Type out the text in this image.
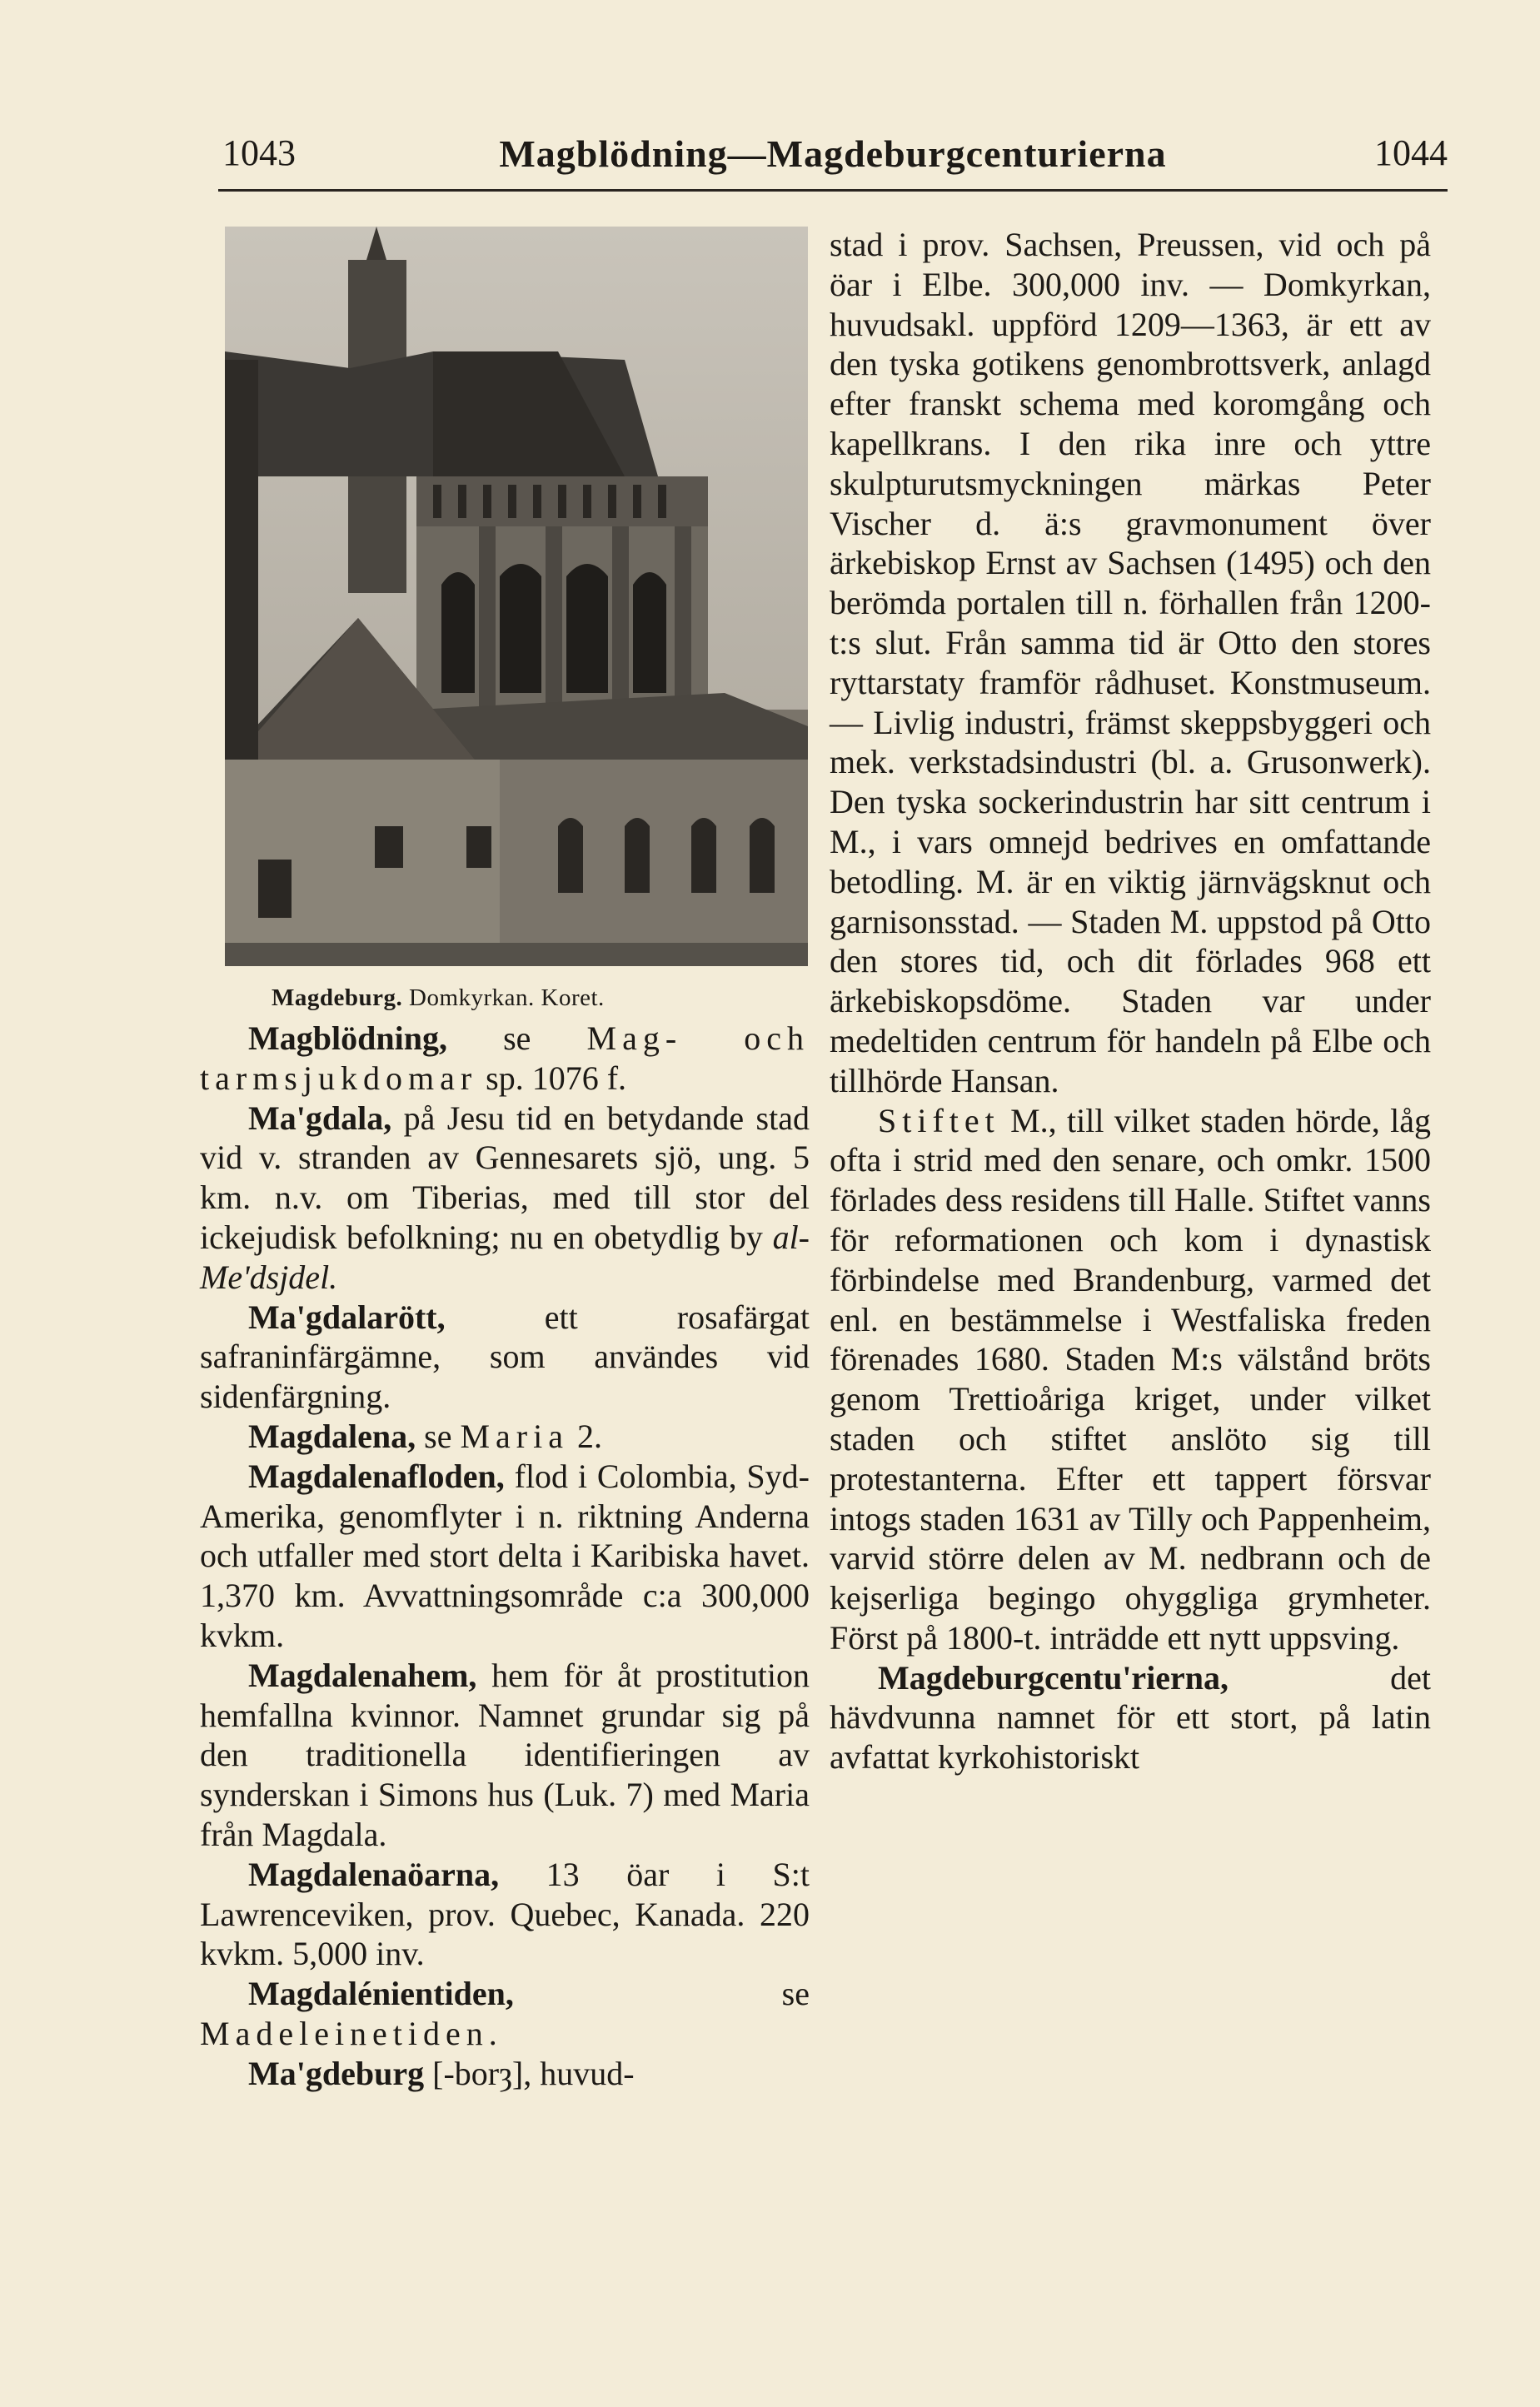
1043	Magblödning—Magdeburgcenturierna	1044
Magdeburg. Domkyrkan. Koret.

Magblödning, se Mag- och tarmsjukdomar sp. 1076 f.

Ma'gdala, på Jesu tid en betydande stad vid v. stranden av Gennesarets sjö, ung. 5 km. n.v. om Tiberias, med till stor del ickejudisk befolkning; nu en obetydlig by al-Me'dsjdel.

Ma'gdalarött, ett rosafärgat safraninfärgämne, som användes vid sidenfärgning.

Magdalena, se Maria 2.

Magdalenafloden, flod i Colombia, Syd-Amerika, genomflyter i n. riktning Anderna och utfaller med stort delta i Karibiska havet. 1,370 km. Avvattningsområde c:a 300,000 kvkm.

Magdalenahem, hem för åt prostitution hemfallna kvinnor. Namnet grundar sig på den traditionella identifieringen av synderskan i Simons hus (Luk. 7) med Maria från Magdala.

Magdalenaöarna, 13 öar i S:t Lawrenceviken, prov. Quebec, Kanada. 220 kvkm. 5,000 inv.

Magdalénientiden, se Madeleinetiden.

Ma'gdeburg [-borȝ], huvud-

stad i prov. Sachsen, Preussen, vid och på öar i Elbe. 300,000 inv. — Domkyrkan, huvudsakl. uppförd 1209—1363, är ett av den tyska gotikens genombrottsverk, anlagd efter franskt schema med koromgång och kapellkrans. I den rika inre och yttre skulpturutsmyckningen märkas Peter Vischer d. ä:s gravmonument över ärkebiskop Ernst av Sachsen (1495) och den berömda portalen till n. förhallen från 1200-t:s slut. Från samma tid är Otto den stores ryttarstaty framför rådhuset. Konstmuseum. — Livlig industri, främst skeppsbyggeri och mek. verkstadsindustri (bl. a. Grusonwerk). Den tyska sockerindustrin har sitt centrum i M., i vars omnejd bedrives en omfattande betodling. M. är en viktig järnvägsknut och garnisonsstad. — Staden M. uppstod på Otto den stores tid, och dit förlades 968 ett ärkebiskopsdöme. Staden var under medeltiden centrum för handeln på Elbe och tillhörde Hansan.

Stiftet M., till vilket staden hörde, låg ofta i strid med den senare, och omkr. 1500 förlades dess residens till Halle. Stiftet vanns för reformationen och kom i dynastisk förbindelse med Brandenburg, varmed det enl. en bestämmelse i Westfaliska freden förenades 1680. Staden M:s välstånd bröts genom Trettioåriga kriget, under vilket staden och stiftet anslöto sig till protestanterna. Efter ett tappert försvar intogs staden 1631 av Tilly och Pappenheim, varvid större delen av M. nedbrann och de kejserliga begingo ohyggliga grymheter. Först på 1800-t. inträdde ett nytt uppsving.

Magdeburgcentu'rierna, det hävdvunna namnet för ett stort, på latin avfattat kyrkohistoriskt
